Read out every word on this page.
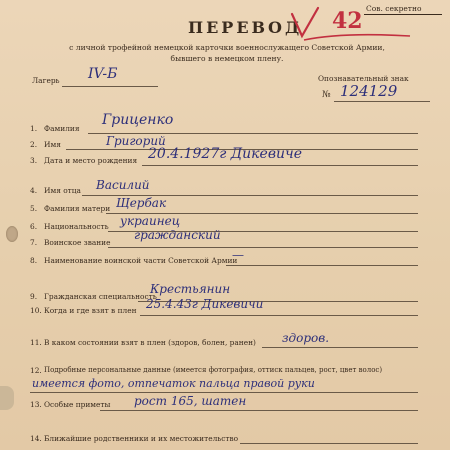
Сов. секретно
ПЕРЕВОД 42
с личной трофейной немецкой карточки военнослужащего Советской Армии,
бывшего в немецком плену.
Лагерь IV-Б	Опознавательный знак
№ 124129
1. Фамилия
Гриценко
2. Имя	Григорий
3. Дата и место рождения 20.4.1927г Дикевиче
4. Имя отца Василий
5. Фамилия матери Щербак
6. Национальность украинец
7. Воинское звание
гражданский
8. Наименование воинской части Советской Армии
—
9. Гражданская специальность
Крестьянин
10. Когда и где взят в плен 25.4.43г Дикевичи
11. В каком состоянии взят в плен (здоров, болен, ранен) здоров.
12. Подробные персональные данные (имеется фотография, оттиск пальцев, рост, цвет волос)
имеется фото, отпечаток пальца правой руки
13. Особые приметы рост 165, шатен
14. Ближайшие родственники и их местожительство
